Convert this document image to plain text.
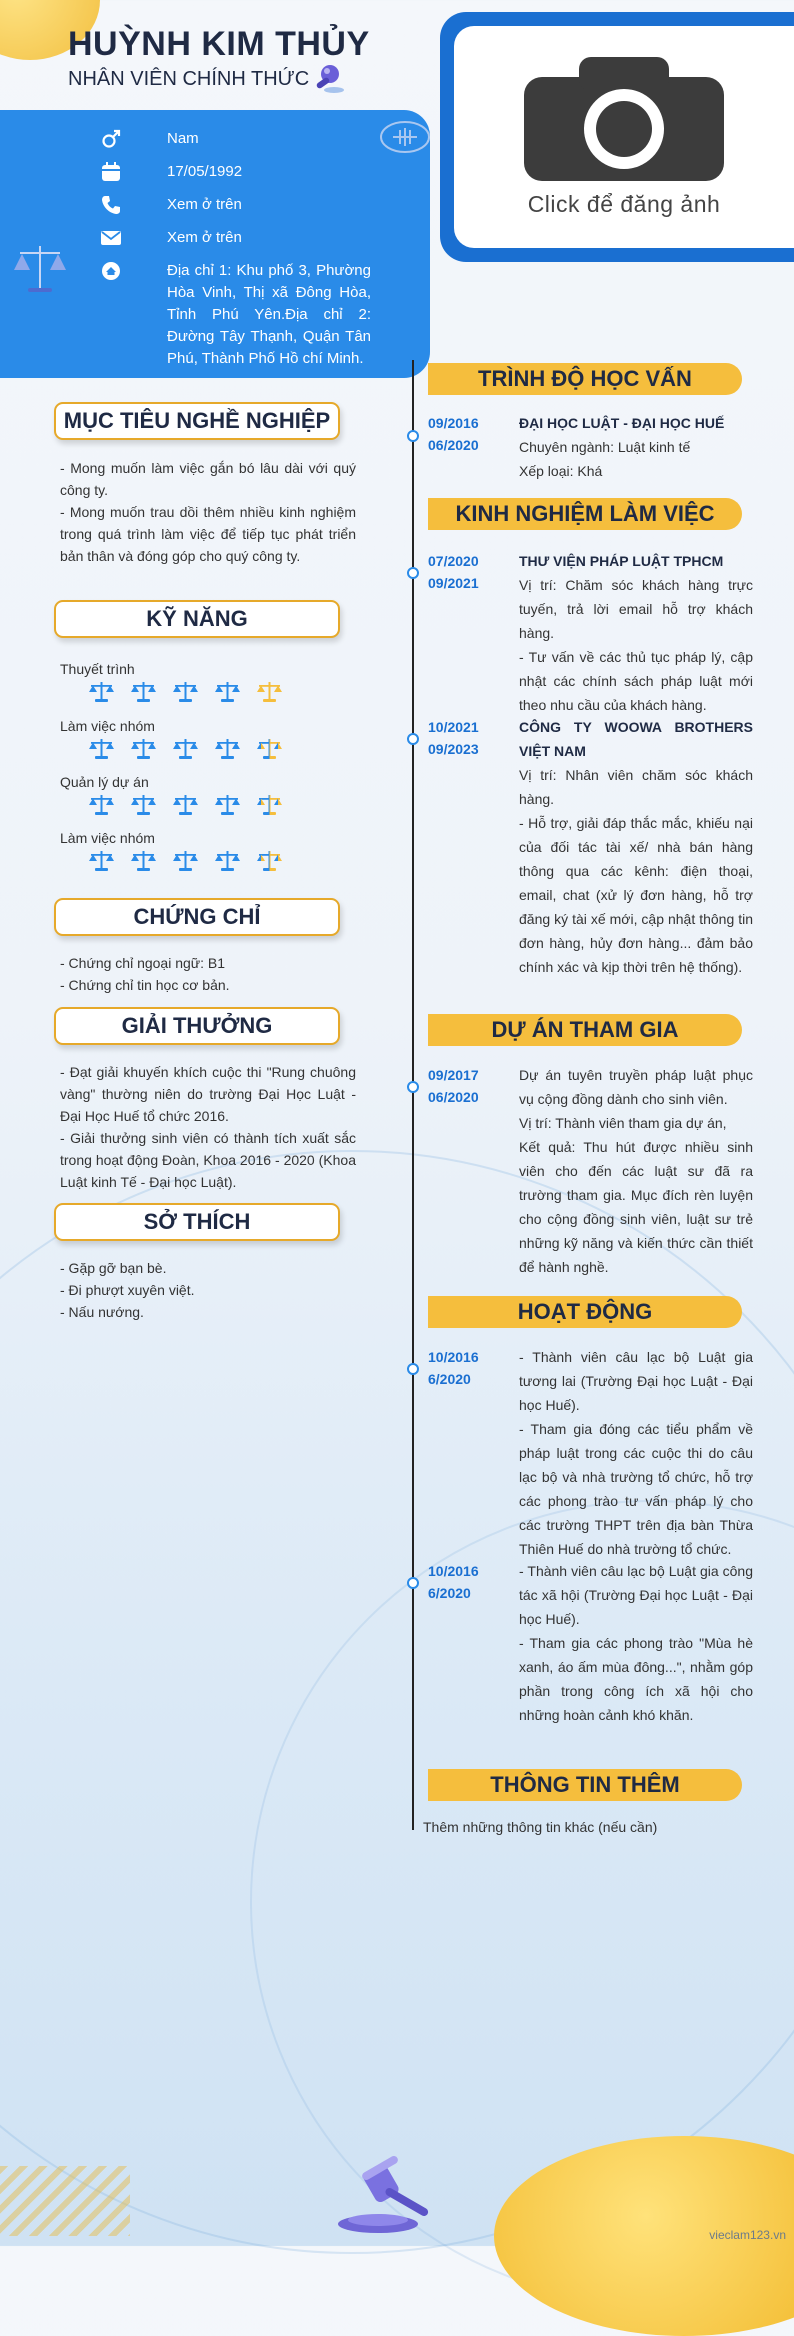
HUỲNH KIM THỦY
NHÂN VIÊN CHÍNH THỨC
Click để đăng ảnh
Nam
17/05/1992
Xem ở trên
Xem ở trên
Địa chỉ 1: Khu phố 3, Phường Hòa Vinh, Thị xã Đông Hòa, Tỉnh Phú Yên.Địa chỉ 2: Đường Tây Thạnh, Quận Tân Phú, Thành Phố Hồ chí Minh.
MỤC TIÊU NGHỀ NGHIỆP

- Mong muốn làm việc gắn bó lâu dài với quý công ty.

- Mong muốn trau dồi thêm nhiều kinh nghiệm trong quá trình làm việc để tiếp tục phát triển bản thân và đóng góp cho quý công ty.

KỸ NĂNG
Thuyết trình
Làm việc nhóm
Quản lý dự án
Làm việc nhóm
CHỨNG CHỈ

- Chứng chỉ ngoại ngữ: B1

- Chứng chỉ tin học cơ bản.

GIẢI THƯỞNG

- Đạt giải khuyến khích cuộc thi "Rung chuông vàng" thường niên do trường Đại Học Luật - Đại Học Huế tổ chức 2016.

- Giải thưởng sinh viên có thành tích xuất sắc trong hoạt động Đoàn, Khoa 2016 - 2020 (Khoa Luật kinh Tế - Đại học Luật).

SỞ THÍCH

- Gặp gỡ bạn bè.

- Đi phượt xuyên việt.

- Nấu nướng.

TRÌNH ĐỘ HỌC VẤN
09/2016
06/2020

ĐẠI HỌC LUẬT - ĐẠI HỌC HUẾ

Chuyên ngành: Luật kinh tế

Xếp loại: Khá

KINH NGHIỆM LÀM VIỆC
07/2020
09/2021

THƯ VIỆN PHÁP LUẬT TPHCM

Vị trí: Chăm sóc khách hàng trực tuyến, trả lời email hỗ trợ khách hàng.

- Tư vấn về các thủ tục pháp lý, cập nhật các chính sách pháp luật mới theo nhu cầu của khách hàng.

10/2021
09/2023

CÔNG TY WOOWA BROTHERS VIỆT NAM

Vị trí: Nhân viên chăm sóc khách hàng.

- Hỗ trợ, giải đáp thắc mắc, khiếu nại của đối tác tài xế/ nhà bán hàng thông qua các kênh: điện thoại, email, chat (xử lý đơn hàng, hỗ trợ đăng ký tài xế mới, cập nhật thông tin đơn hàng, hủy đơn hàng... đảm bảo chính xác và kịp thời trên hệ thống).

DỰ ÁN THAM GIA
09/2017
06/2020

Dự án tuyên truyền pháp luật phục vụ cộng đồng dành cho sinh viên.

Vị trí: Thành viên tham gia dự án,

Kết quả: Thu hút được nhiều sinh viên cho đến các luật sư đã ra trường tham gia. Mục đích rèn luyện cho cộng đồng sinh viên, luật sư trẻ những kỹ năng và kiến thức cần thiết để hành nghề.

HOẠT ĐỘNG
10/2016
6/2020

- Thành viên câu lạc bộ Luật gia tương lai (Trường Đại học Luật - Đại học Huế).

- Tham gia đóng các tiểu phẩm về pháp luật trong các cuộc thi do câu lạc bộ và nhà trường tổ chức, hỗ trợ các phong trào tư vấn pháp lý cho các trường THPT trên địa bàn Thừa Thiên Huế do nhà trường tổ chức.

10/2016
6/2020

- Thành viên câu lạc bộ Luật gia công tác xã hội (Trường Đại học Luật - Đại học Huế).

- Tham gia các phong trào "Mùa hè xanh, áo ấm mùa đông...", nhằm góp phần trong công ích xã hội cho những hoàn cảnh khó khăn.

THÔNG TIN THÊM
Thêm những thông tin khác (nếu cần)
vieclam123.vn
